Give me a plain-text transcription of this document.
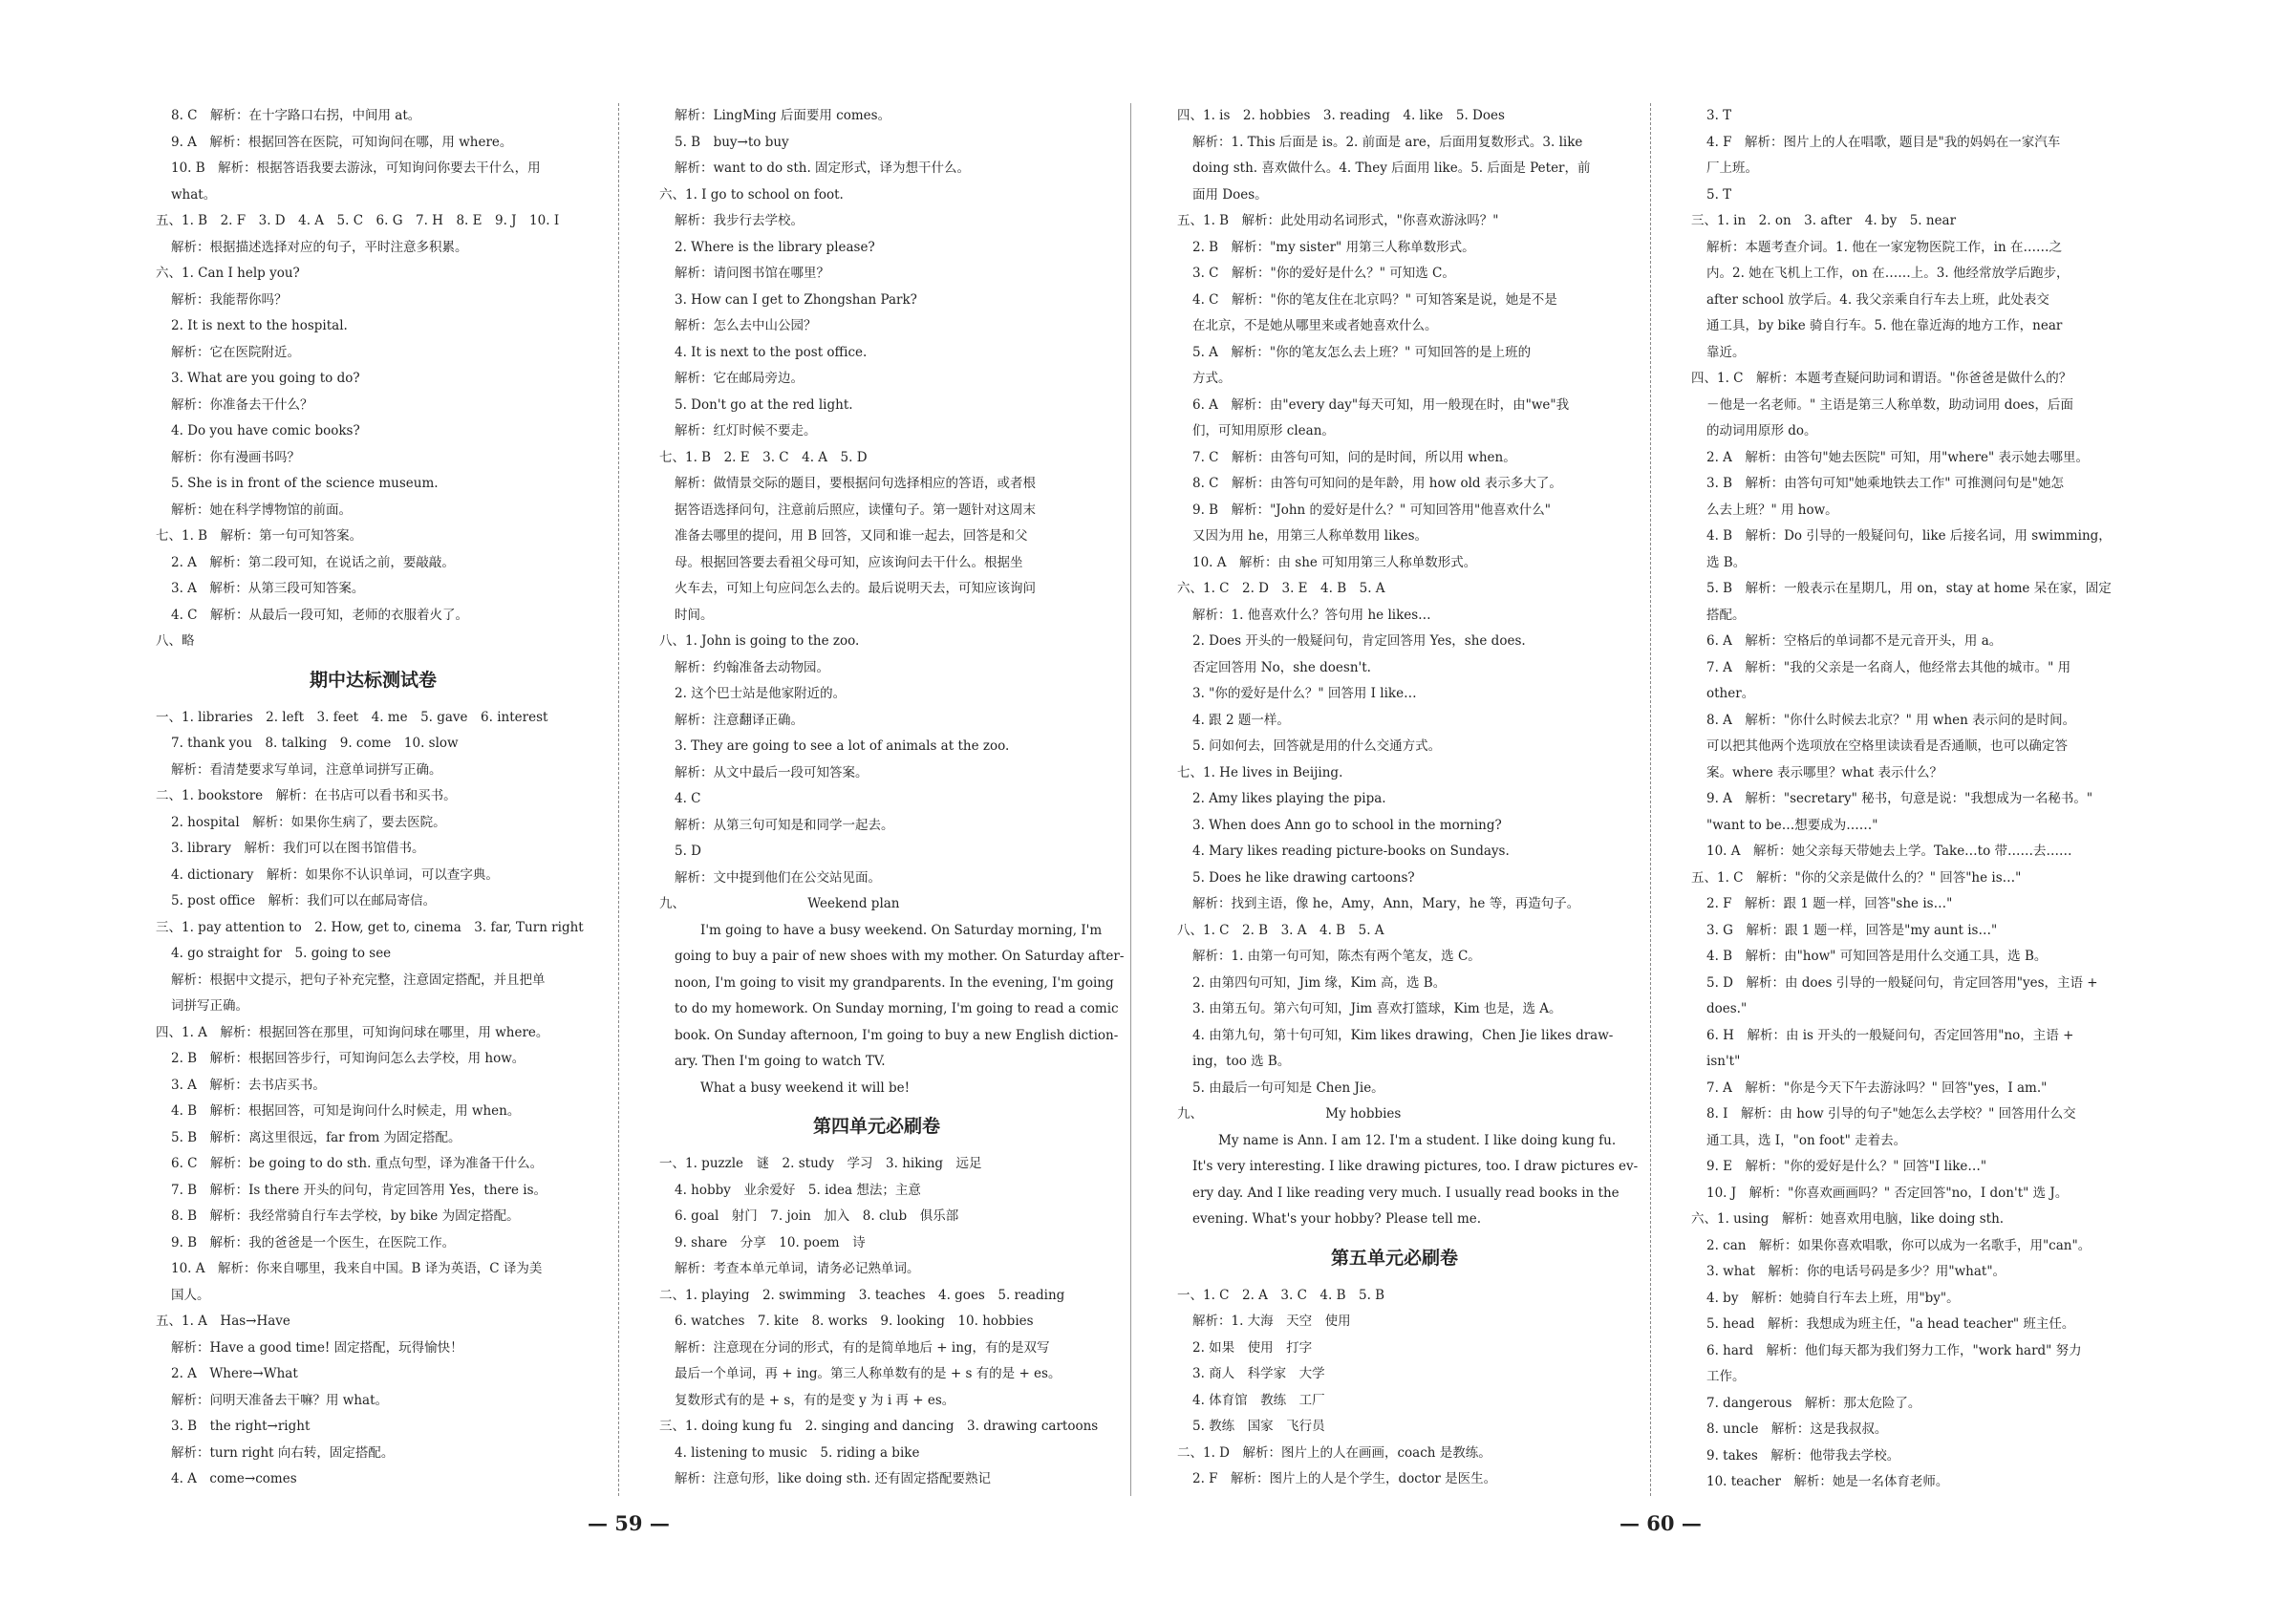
8. C　解析：在十字路口右拐，中间用 at。
9. A　解析：根据回答在医院，可知询问在哪，用 where。
10. B　解析：根据答语我要去游泳，可知询问你要去干什么，用
what。
五、1. B　2. F　3. D　4. A　5. C　6. G　7. H　8. E　9. J　10. I
解析：根据描述选择对应的句子，平时注意多积累。
六、1. Can I help you?
解析：我能帮你吗？
2. It is next to the hospital.
解析：它在医院附近。
3. What are you going to do?
解析：你准备去干什么？
4. Do you have comic books?
解析：你有漫画书吗？
5. She is in front of the science museum.
解析：她在科学博物馆的前面。
七、1. B　解析：第一句可知答案。
2. A　解析：第二段可知，在说话之前，要敲敲。
3. A　解析：从第三段可知答案。
4. C　解析：从最后一段可知，老师的衣服着火了。
八、略
期中达标测试卷
一、1. libraries　2. left　3. feet　4. me　5. gave　6. interest
7. thank you　8. talking　9. come　10. slow
解析：看清楚要求写单词，注意单词拼写正确。
二、1. bookstore　解析：在书店可以看书和买书。
2. hospital　解析：如果你生病了，要去医院。
3. library　解析：我们可以在图书馆借书。
4. dictionary　解析：如果你不认识单词，可以查字典。
5. post office　解析：我们可以在邮局寄信。
三、1. pay attention to　2. How, get to, cinema　3. far, Turn right
4. go straight for　5. going to see
解析：根据中文提示，把句子补充完整，注意固定搭配，并且把单
词拼写正确。
四、1. A　解析：根据回答在那里，可知询问球在哪里，用 where。
2. B　解析：根据回答步行，可知询问怎么去学校，用 how。
3. A　解析：去书店买书。
4. B　解析：根据回答，可知是询问什么时候走，用 when。
5. B　解析：离这里很远，far from 为固定搭配。
6. C　解析：be going to do sth. 重点句型，译为准备干什么。
7. B　解析：Is there 开头的问句，肯定回答用 Yes，there is。
8. B　解析：我经常骑自行车去学校，by bike 为固定搭配。
9. B　解析：我的爸爸是一个医生，在医院工作。
10. A　解析：你来自哪里，我来自中国。B 译为英语，C 译为美
国人。
五、1. A　Has→Have
解析：Have a good time! 固定搭配，玩得愉快！
2. A　Where→What
解析：问明天准备去干嘛？用 what。
3. B　the right→right
解析：turn right 向右转，固定搭配。
4. A　come→comes
解析：LingMing 后面要用 comes。
5. B　buy→to buy
解析：want to do sth. 固定形式，译为想干什么。
六、1. I go to school on foot.
解析：我步行去学校。
2. Where is the library please?
解析：请问图书馆在哪里？
3. How can I get to Zhongshan Park?
解析：怎么去中山公园？
4. It is next to the post office.
解析：它在邮局旁边。
5. Don't go at the red light.
解析：红灯时候不要走。
七、1. B　2. E　3. C　4. A　5. D
解析：做情景交际的题目，要根据问句选择相应的答语，或者根
据答语选择问句，注意前后照应，读懂句子。第一题针对这周末
准备去哪里的提问，用 B 回答，又同和谁一起去，回答是和父
母。根据回答要去看祖父母可知，应该询问去干什么。根据坐
火车去，可知上句应问怎么去的。最后说明天去，可知应该询问
时间。
八、1. John is going to the zoo.
解析：约翰准备去动物园。
2. 这个巴士站是他家附近的。
解析：注意翻译正确。
3. They are going to see a lot of animals at the zoo.
解析：从文中最后一段可知答案。
4. C
解析：从第三句可知是和同学一起去。
5. D
解析：文中提到他们在公交站见面。
九、　　　　　　　　　　Weekend plan
　　I'm going to have a busy weekend. On Saturday morning, I'm
going to buy a pair of new shoes with my mother. On Saturday after-
noon, I'm going to visit my grandparents. In the evening, I'm going
to do my homework. On Sunday morning, I'm going to read a comic
book. On Sunday afternoon, I'm going to buy a new English diction-
ary. Then I'm going to watch TV.
　　What a busy weekend it will be!
第四单元必刷卷
一、1. puzzle　谜　2. study　学习　3. hiking　远足
4. hobby　业余爱好　5. idea 想法；主意
6. goal　射门　7. join　加入　8. club　俱乐部
9. share　分享　10. poem　诗
解析：考查本单元单词，请务必记熟单词。
二、1. playing　2. swimming　3. teaches　4. goes　5. reading
6. watches　7. kite　8. works　9. looking　10. hobbies
解析：注意现在分词的形式，有的是简单地后 + ing，有的是双写
最后一个单词，再 + ing。第三人称单数有的是 + s 有的是 + es。
复数形式有的是 + s，有的是变 y 为 i 再 + es。
三、1. doing kung fu　2. singing and dancing　3. drawing cartoons
4. listening to music　5. riding a bike
解析：注意句形，like doing sth. 还有固定搭配要熟记
四、1. is　2. hobbies　3. reading　4. like　5. Does
解析：1. This 后面是 is。2. 前面是 are，后面用复数形式。3. like
doing sth. 喜欢做什么。4. They 后面用 like。5. 后面是 Peter，前
面用 Does。
五、1. B　解析：此处用动名词形式，"你喜欢游泳吗？"
2. B　解析："my sister" 用第三人称单数形式。
3. C　解析："你的爱好是什么？" 可知选 C。
4. C　解析："你的笔友住在北京吗？" 可知答案是说，她是不是
在北京，不是她从哪里来或者她喜欢什么。
5. A　解析："你的笔友怎么去上班？" 可知回答的是上班的
方式。
6. A　解析：由"every day"每天可知，用一般现在时，由"we"我
们，可知用原形 clean。
7. C　解析：由答句可知，问的是时间，所以用 when。
8. C　解析：由答句可知问的是年龄，用 how old 表示多大了。
9. B　解析："John 的爱好是什么？" 可知回答用"他喜欢什么"
又因为用 he，用第三人称单数用 likes。
10. A　解析：由 she 可知用第三人称单数形式。
六、1. C　2. D　3. E　4. B　5. A
解析：1. 他喜欢什么？答句用 he likes…
2. Does 开头的一般疑问句，肯定回答用 Yes，she does.
否定回答用 No，she doesn't.
3. "你的爱好是什么？" 回答用 I like…
4. 跟 2 题一样。
5. 问如何去，回答就是用的什么交通方式。
七、1. He lives in Beijing.
2. Amy likes playing the pipa.
3. When does Ann go to school in the morning?
4. Mary likes reading picture-books on Sundays.
5. Does he like drawing cartoons?
解析：找到主语，像 he，Amy，Ann，Mary，he 等，再造句子。
八、1. C　2. B　3. A　4. B　5. A
解析：1. 由第一句可知，陈杰有两个笔友，选 C。
2. 由第四句可知，Jim 缘，Kim 高，选 B。
3. 由第五句。第六句可知，Jim 喜欢打篮球，Kim 也是，选 A。
4. 由第九句，第十句可知，Kim likes drawing，Chen Jie likes draw-
ing，too 选 B。
5. 由最后一句可知是 Chen Jie。
九、　　　　　　　　　　My hobbies
　　My name is Ann. I am 12. I'm a student. I like doing kung fu.
It's very interesting. I like drawing pictures, too. I draw pictures ev-
ery day. And I like reading very much. I usually read books in the
evening. What's your hobby? Please tell me.
第五单元必刷卷
一、1. C　2. A　3. C　4. B　5. B
解析：1. 大海　天空　使用
2. 如果　使用　打字
3. 商人　科学家　大学
4. 体育馆　教练　工厂
5. 教练　国家　飞行员
二、1. D　解析：图片上的人在画画，coach 是教练。
2. F　解析：图片上的人是个学生，doctor 是医生。
3. T
4. F　解析：图片上的人在唱歌，题目是"我的妈妈在一家汽车
厂上班。
5. T
三、1. in　2. on　3. after　4. by　5. near
解析：本题考查介词。1. 他在一家宠物医院工作，in 在……之
内。2. 她在飞机上工作，on 在……上。3. 他经常放学后跑步，
after school 放学后。4. 我父亲乘自行车去上班，此处表交
通工具，by bike 骑自行车。5. 他在靠近海的地方工作，near
靠近。
四、1. C　解析：本题考查疑问助词和谓语。"你爸爸是做什么的？
－他是一名老师。" 主语是第三人称单数，助动词用 does，后面
的动词用原形 do。
2. A　解析：由答句"她去医院" 可知，用"where" 表示她去哪里。
3. B　解析：由答句可知"她乘地铁去工作" 可推测问句是"她怎
么去上班？" 用 how。
4. B　解析：Do 引导的一般疑问句，like 后接名词，用 swimming，
选 B。
5. B　解析：一般表示在星期几，用 on，stay at home 呆在家，固定
搭配。
6. A　解析：空格后的单词都不是元音开头，用 a。
7. A　解析："我的父亲是一名商人，他经常去其他的城市。" 用
other。
8. A　解析："你什么时候去北京？" 用 when 表示问的是时间。
可以把其他两个选项放在空格里读读看是否通顺，也可以确定答
案。where 表示哪里？what 表示什么？
9. A　解析："secretary" 秘书，句意是说："我想成为一名秘书。"
"want to be…想要成为……"
10. A　解析：她父亲每天带她去上学。Take…to 带……去……
五、1. C　解析："你的父亲是做什么的？" 回答"he is…"
2. F　解析：跟 1 题一样，回答"she is…"
3. G　解析：跟 1 题一样，回答是"my aunt is…"
4. B　解析：由"how" 可知回答是用什么交通工具，选 B。
5. D　解析：由 does 引导的一般疑问句，肯定回答用"yes，主语 +
does."
6. H　解析：由 is 开头的一般疑问句，否定回答用"no，主语 +
isn't"
7. A　解析："你是今天下午去游泳吗？" 回答"yes，I am."
8. I　解析：由 how 引导的句子"她怎么去学校？" 回答用什么交
通工具，选 I，"on foot" 走着去。
9. E　解析："你的爱好是什么？" 回答"I like…"
10. J　解析："你喜欢画画吗？" 否定回答"no，I don't" 选 J。
六、1. using　解析：她喜欢用电脑，like doing sth.
2. can　解析：如果你喜欢唱歌，你可以成为一名歌手，用"can"。
3. what　解析：你的电话号码是多少？用"what"。
4. by　解析：她骑自行车去上班，用"by"。
5. head　解析：我想成为班主任，"a head teacher" 班主任。
6. hard　解析：他们每天都为我们努力工作，"work hard" 努力
工作。
7. dangerous　解析：那太危险了。
8. uncle　解析：这是我叔叔。
9. takes　解析：他带我去学校。
10. teacher　解析：她是一名体育老师。
— 59 —	— 60 —
